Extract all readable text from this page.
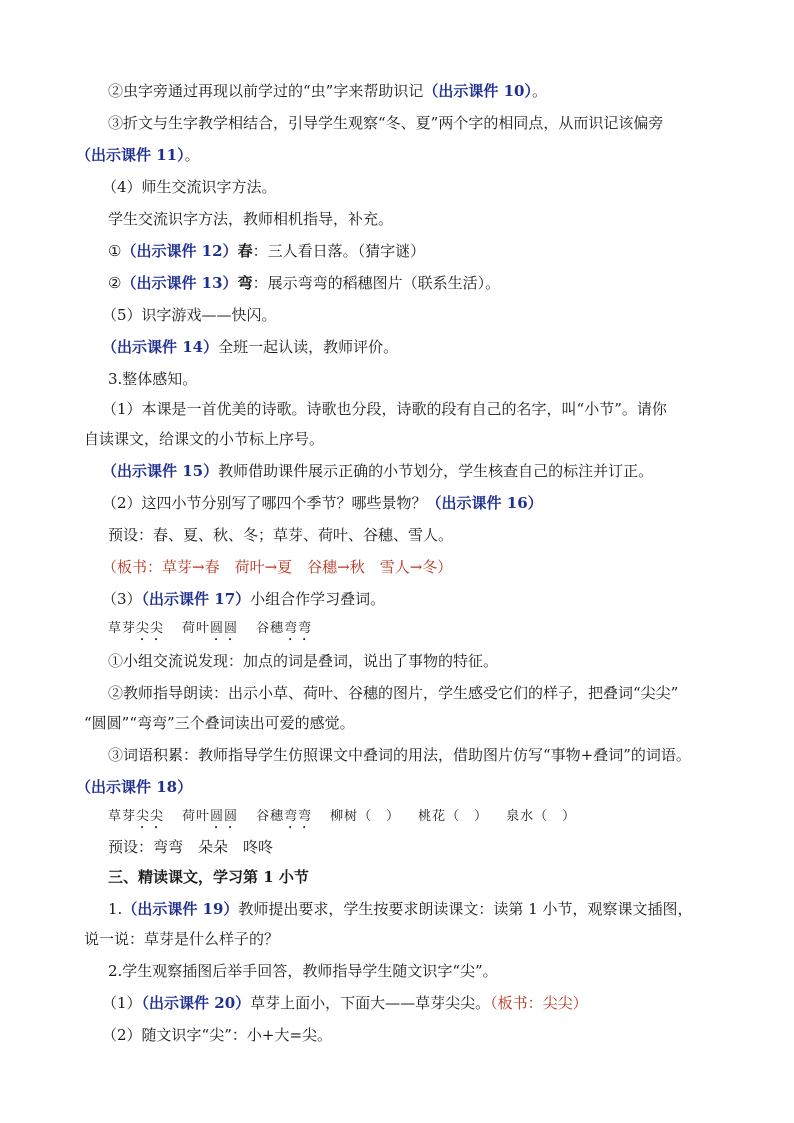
②虫字旁通过再现以前学过的“虫”字来帮助识记（出示课件 10）。
③折文与生字教学相结合，引导学生观察“冬、夏”两个字的相同点，从而识记该偏旁
（出示课件 11）。
（4）师生交流识字方法。
学生交流识字方法，教师相机指导，补充。
①（出示课件 12）春：三人看日落。（猜字谜）
②（出示课件 13）弯：展示弯弯的稻穗图片（联系生活）。
（5）识字游戏——快闪。
（出示课件 14）全班一起认读，教师评价。
3.整体感知。
（1）本课是一首优美的诗歌。诗歌也分段，诗歌的段有自己的名字，叫“小节”。请你
自读课文，给课文的小节标上序号。
（出示课件 15）教师借助课件展示正确的小节划分，学生核查自己的标注并订正。
（2）这四小节分别写了哪四个季节？哪些景物？（出示课件 16）
预设：春、夏、秋、冬；草芽、荷叶、谷穗、雪人。
（板书：草芽→春　荷叶→夏　谷穗→秋　雪人→冬）
（3）（出示课件 17）小组合作学习叠词。
草芽尖尖 荷叶圆圆 谷穗弯弯
①小组交流说发现：加点的词是叠词，说出了事物的特征。
②教师指导朗读：出示小草、荷叶、谷穗的图片，学生感受它们的样子，把叠词“尖尖”
“圆圆”“弯弯”三个叠词读出可爱的感觉。
③词语积累：教师指导学生仿照课文中叠词的用法，借助图片仿写“事物+叠词”的词语。
（出示课件 18）
草芽尖尖 荷叶圆圆 谷穗弯弯 柳树（　） 桃花（　） 泉水（　）
预设：弯弯　朵朵　咚咚
三、精读课文，学习第 1 小节
1.（出示课件 19）教师提出要求，学生按要求朗读课文：读第 1 小节，观察课文插图，
说一说：草芽是什么样子的？
2.学生观察插图后举手回答，教师指导学生随文识字“尖”。
（1）（出示课件 20）草芽上面小，下面大——草芽尖尖。（板书：尖尖）
（2）随文识字“尖”：小+大=尖。
